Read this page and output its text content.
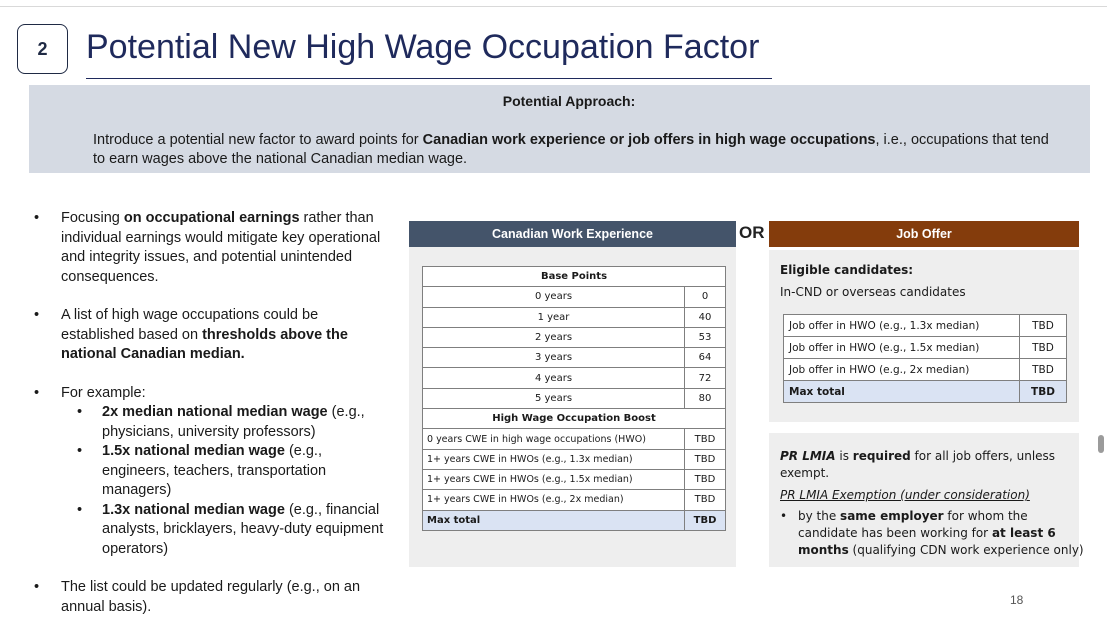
2 Potential New High Wage Occupation Factor
Potential Approach:
Introduce a potential new factor to award points for Canadian work experience or job offers in high wage occupations, i.e., occupations that tend to earn wages above the national Canadian median wage.
• Focusing on occupational earnings rather than individual earnings would mitigate key operational and integrity issues, and potential unintended consequences.
• A list of high wage occupations could be established based on thresholds above the national Canadian median.
• For example:
• 2x median national median wage (e.g., physicians, university professors)
• 1.5x national median wage (e.g., engineers, teachers, transportation managers)
• 1.3x national median wage (e.g., financial analysts, bricklayers, heavy-duty equipment operators)
• The list could be updated regularly (e.g., on an annual basis).
Canadian Work Experience	OR	Job Offer
Base Points	
0 years	0
1 year	40
2 years	53
3 years	64
4 years	72
5 years	80
High Wage Occupation Boost	
0 years CWE in high wage occupations (HWO)	TBD
1+ years CWE in HWOs (e.g., 1.3x median)	TBD
1+ years CWE in HWOs (e.g., 1.5x median)	TBD
1+ years CWE in HWOs (e.g., 2x median)	TBD
Max total	TBD
Eligible candidates:
In-CND or overseas candidates
Job offer in HWO (e.g., 1.3x median)	TBD
Job offer in HWO (e.g., 1.5x median)	TBD
Job offer in HWO (e.g., 2x median)	TBD
Max total	TBD
PR LMIA is required for all job offers, unless exempt.
PR LMIA Exemption (under consideration)
• by the same employer for whom the candidate has been working for at least 6 months (qualifying CDN work experience only)
18
